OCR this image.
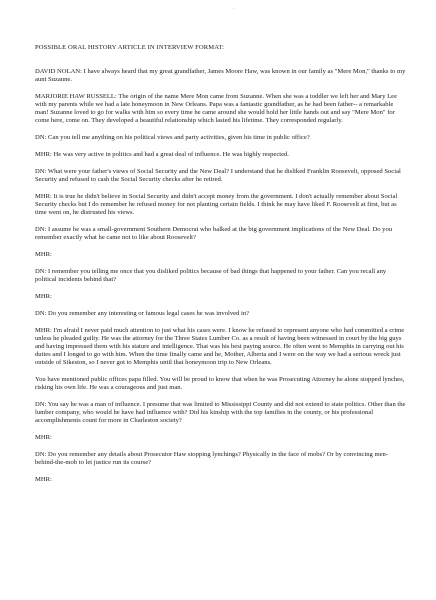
·
POSSIBLE ORAL HISTORY ARTICLE IN INTERVIEW FORMAT:

DAVID NOLAN: I have always heard that my great grandfather, James Moore Haw, was known in our family as "Mere Mon," thanks to my aunt Suzanne.

MARJORIE HAW RUSSELL: The origin of the name Mere Mon came from Suzanne. When she was a toddler we left her and Mary Lee with my parents while we had a late honeymoon in New Orleans. Papa was a fantastic grandfather, as he had been father-- a remarkable man! Suzanne loved to go for walks with him so every time he came around she would hold her little hands out and say "Mere Mon" for come here, come on. They developed a beautiful relationship which lasted his lifetime. They corresponded regularly.

DN: Can you tell me anything on his political views and party activities, given his time in public office?

MHR: He was very active in politics and had a great deal of influence. He was highly respected.

DN: What were your father's views of Social Security and the New Deal? I understand that he disliked Franklin Roosevelt, opposed Social Security and refused to cash the Social Security checks after he retired.

MHR: It is true he didn't believe in Social Security and didn't accept money from the government. I don't actually remember about Social Security checks but I do remember he refused money for not planting certain fields. I think he may have liked F. Roosevelt at first, but as time went on, he distrusted his views.

DN: I assume he was a small-government Southern Democrat who balked at the big government implications of the New Deal. Do you remember exactly what he came not to like about Roosevelt?

MHR:

DN: I remember you telling me once that you disliked politics because of bad things that happened to your father. Can you recall any political incidents behind that?

MHR:

DN: Do you remember any interesting or famous legal cases he was involved in?

MHR: I'm afraid I never paid much attention to just what his cases were. I know he refused to represent anyone who had committed a crime unless he pleaded guilty. He was the attorney for the Three States Lumber Co. as a result of having been witnessed in court by the big guys and having impressed them with his stature and intelligence. That was his best paying source. He often went to Memphis in carrying out his duties and I longed to go with him. When the time finally came and he, Mother, Alberta and I were on the way we had a serious wreck just outside of Sikeston, so I never got to Memphis until that honeymoon trip to New Orleans.

You have mentioned public offices papa filled. You will be proud to know that when he was Prosecuting Attorney he alone stopped lynches, risking his own life. He was a courageous and just man.

DN: You say he was a man of influence. I presume that was limited to Mississippi County and did not extend to state politics. Other than the lumber company, who would he have had influence with? Did his kinship with the top families in the county, or his professional accomplishments count for more in Charleston society?

MHR:

DN: Do you remember any details about Prosecutor Haw stopping lynchings? Physically in the face of mobs? Or by convincing men-behind-the-mob to let justice run its course?

MHR:
